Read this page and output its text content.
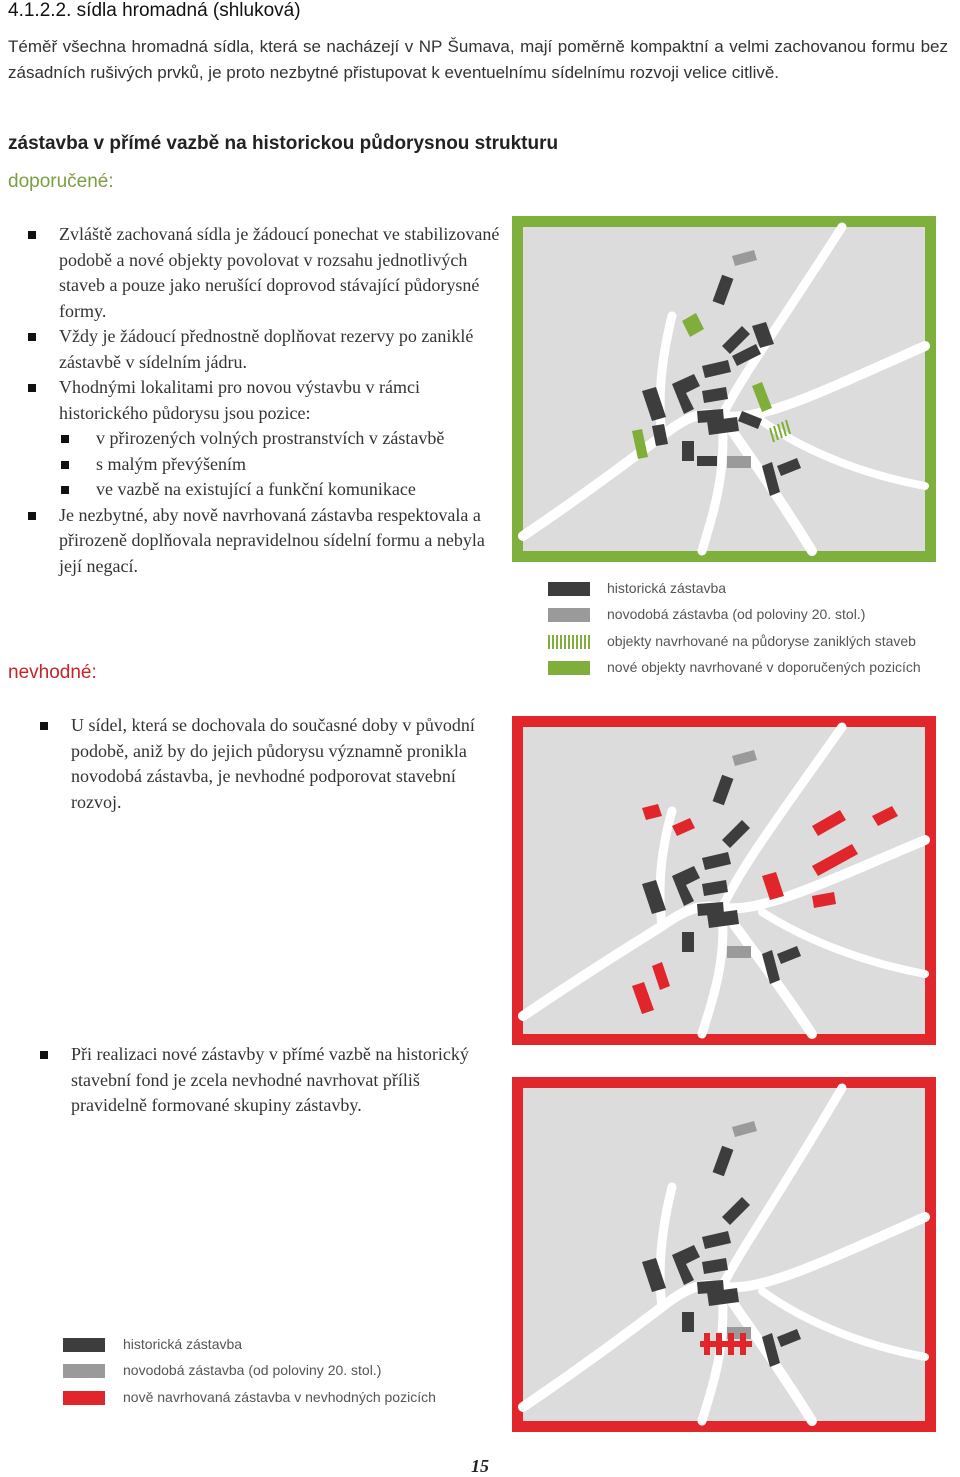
4.1.2.2. sídla hromadná (shluková)
Téměř všechna hromadná sídla, která se nacházejí v NP Šumava, mají poměrně kompaktní a velmi zachovanou formu bez zásadních rušivých prvků, je proto nezbytné přistupovat k eventuelnímu sídelnímu rozvoji velice citlivě.
zástavba v přímé vazbě na historickou půdorysnou strukturu
doporučené:
Zvláště zachovaná sídla je žádoucí ponechat ve stabilizované podobě a nové objekty povolovat v rozsahu jednotlivých staveb a pouze jako nerušící doprovod stávající půdorysné formy.
Vždy je žádoucí přednostně doplňovat rezervy po zaniklé zástavbě v sídelním jádru.
Vhodnými lokalitami pro novou výstavbu v rámci historického půdorysu jsou pozice:
v přirozených volných prostranstvích v zástavbě
s malým převýšením
ve vazbě na existující a funkční komunikace
Je nezbytné, aby nově navrhovaná zástavba respektovala a přirozeně doplňovala nepravidelnou sídelní formu a nebyla její negací.
nevhodné:
U sídel, která se dochovala do současné doby v původní podobě, aniž by do jejich půdorysu významně pronikla novodobá zástavba, je nevhodné podporovat stavební rozvoj.
Při realizaci nové zástavby v přímé vazbě na historický stavební fond je zcela nevhodné navrhovat příliš pravidelně formované skupiny zástavby.
historická zástavba
novodobá zástavba (od poloviny 20. stol.)
objekty navrhované na půdoryse zaniklých staveb
nové objekty navrhované v doporučených pozicích
historická zástavba
novodobá zástavba (od poloviny 20. stol.)
nově navrhovaná zástavba v nevhodných pozicích
15
